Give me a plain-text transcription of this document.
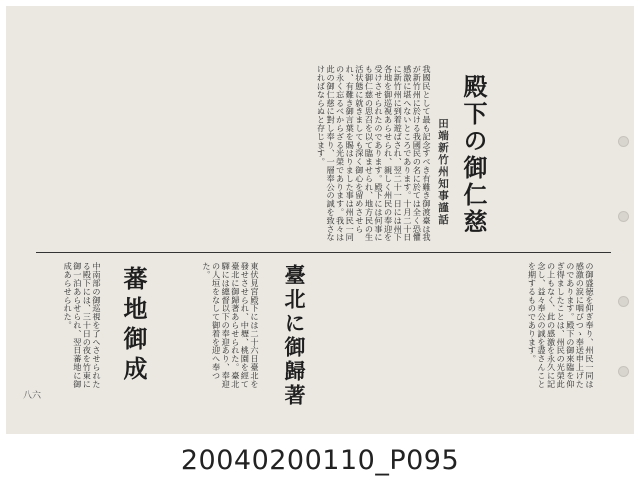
殿下の御仁慈
田端新竹州知事謹話
我國民として最も記念すべき有難き御渡臺は我が新竹州に於ける我國民の名に於ては全く恐懼感激に堪へないところであります。十月二十日に新竹州に到着遊ばされ、翌二十一日には州下各地を御巡視あらせられ、親しく州民の奉迎を受けさせられたのであります。殿下には何事にも御仁慈の思召を以て臨ませられ、地方民の生活状態に就きましても深く御心を留めさせられ、有難き御言葉を賜はりました事は州民一同の永く忘るべからざる光榮であります。我々は此の御仁慈に對し奉り、一層奉公の誠を致さなければならぬと存じます。
の御盛徳を仰ぎ奉り、州民一同は感激の涙に咽びつゝ奉送申上げたのであります。殿下の御來臨を仰ぎ得ましたことは、州民の光榮此の上もなく、此の感激を永久に記念し、益々奉公の誠を盡さんことを期するものであります。
臺北に御歸著
東伏見宮殿下には二十六日臺北を發せさせられ、中壢、桃園を經て臺北に御歸著あらせられた。臺北驛には總督以下の奉迎あり、奉迎の人垣をなして御着を迎へ奉つた。
蕃地御成
中南部の御巡視を了へさせられたる殿下には、三十日の夜を竹東に御一泊あらせられ、翌日蕃地に御成あらせられた。
八六
20040200110_P095
